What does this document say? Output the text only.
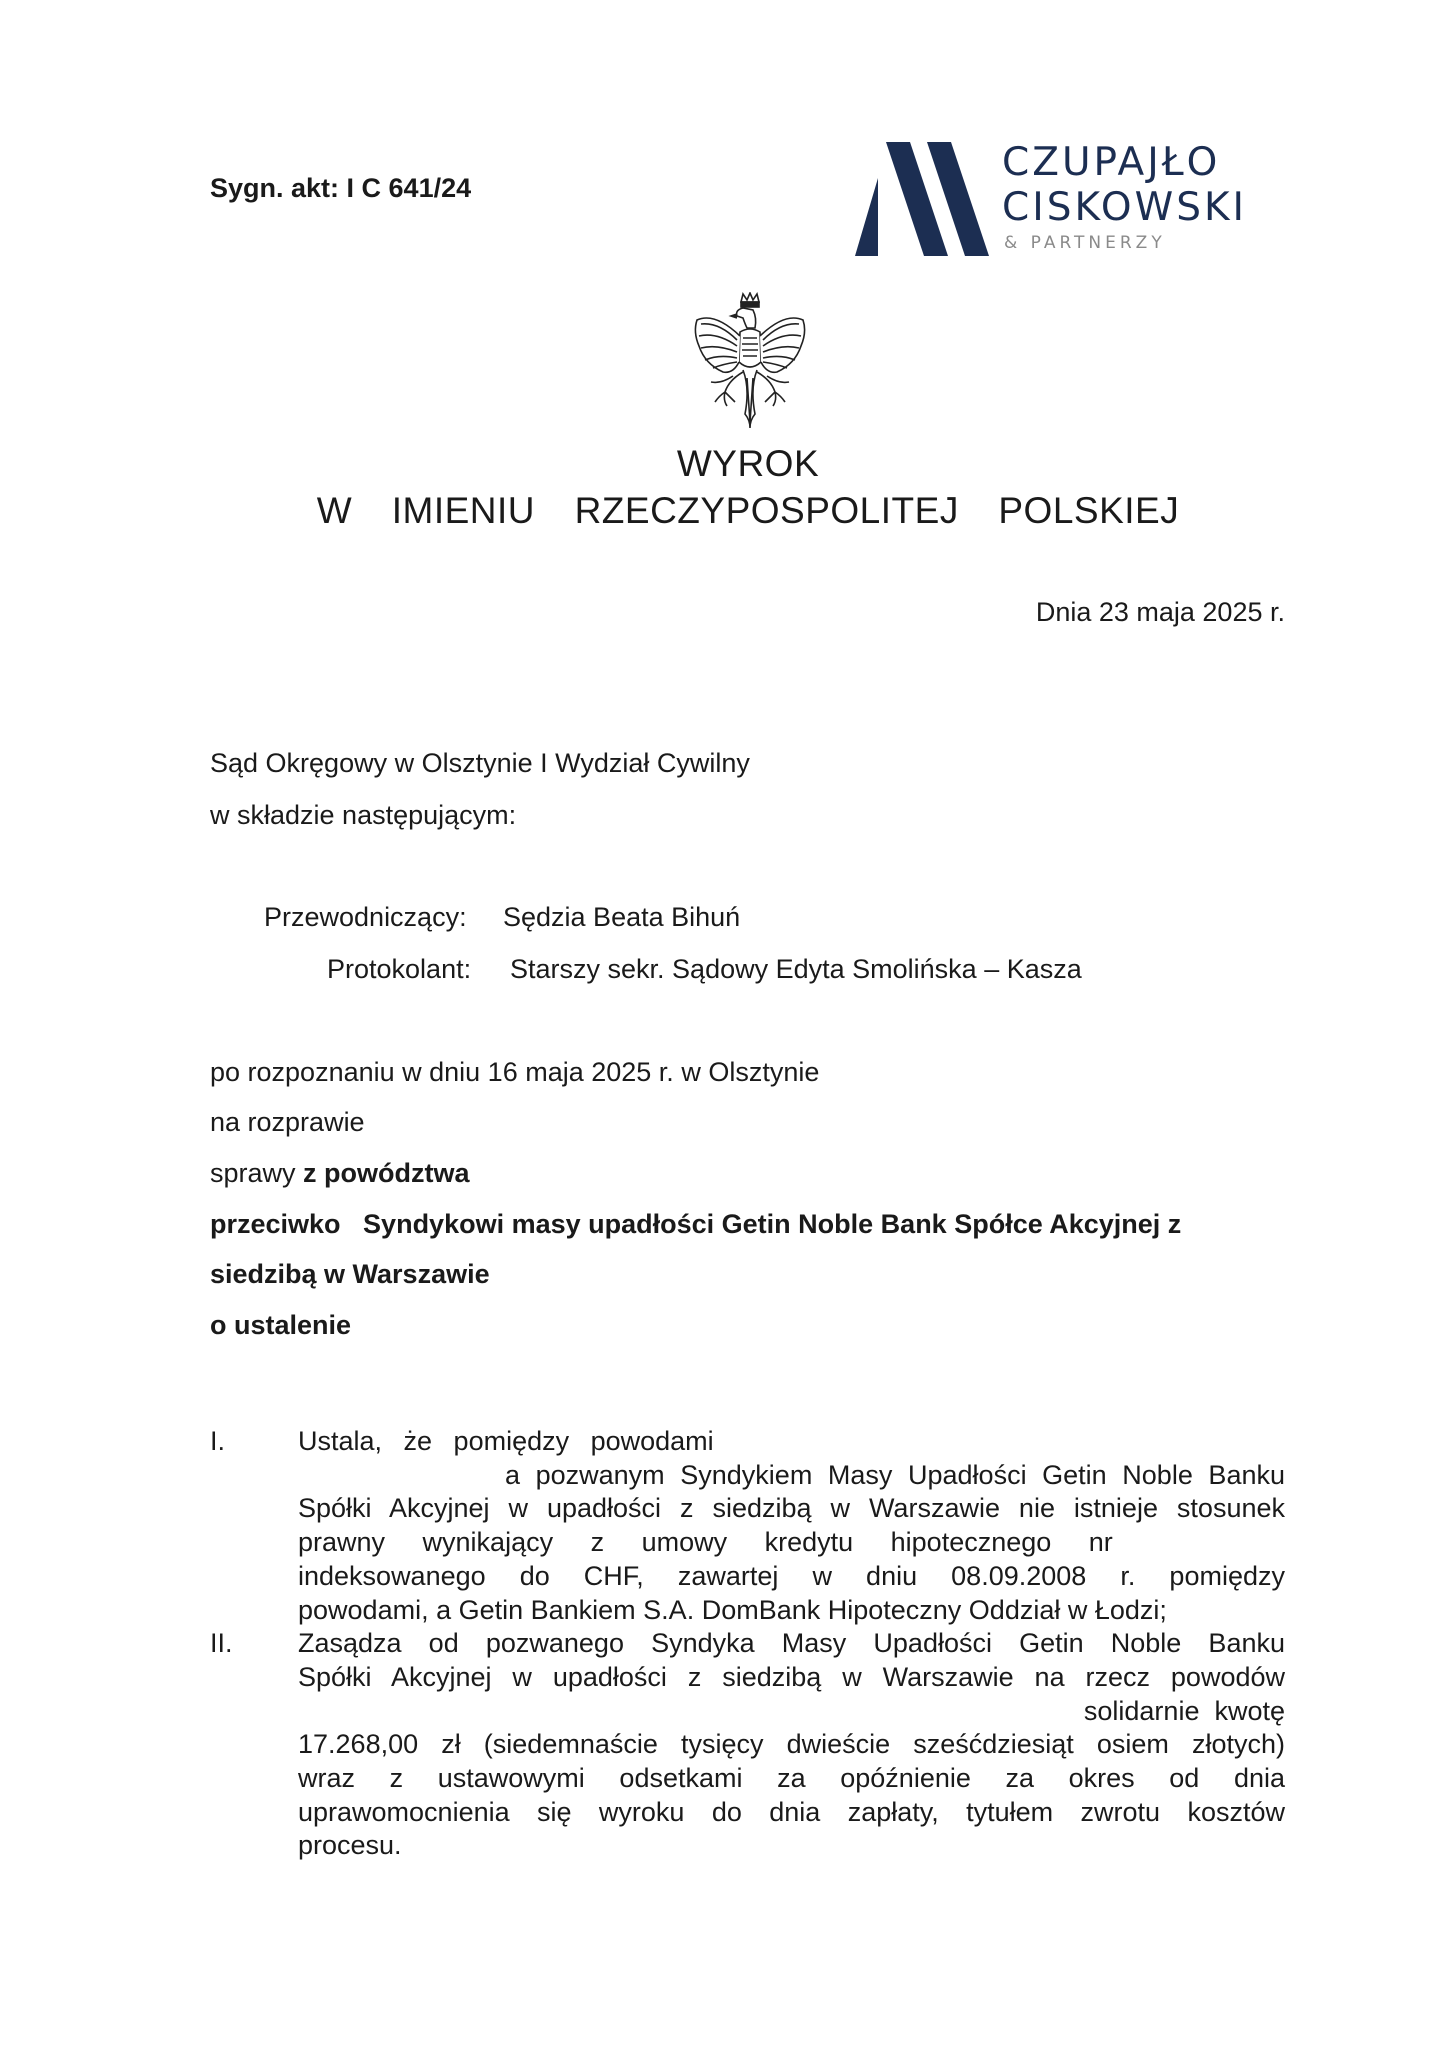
Sygn. akt: I C 641/24
CZUPAJŁO
CISKOWSKI
& PARTNERZY
WYROK
W  IMIENIU  RZECZYPOSPOLITEJ  POLSKIEJ
Dnia 23 maja 2025 r.
Sąd Okręgowy w Olsztynie I Wydział Cywilny
w składzie następującym:
Przewodniczący: Sędzia Beata Bihuń
Protokolant: Starszy sekr. Sądowy Edyta Smolińska – Kasza
po rozpoznaniu w dniu 16 maja 2025 r. w Olsztynie
na rozprawie
sprawy z powództwa
przeciwko   Syndykowi masy upadłości Getin Noble Bank Spółce Akcyjnej z
siedzibą w Warszawie
o ustalenie
I.	Ustala, że pomiędzy powodami
a pozwanym Syndykiem Masy Upadłości Getin Noble Banku
Spółki Akcyjnej w upadłości z siedzibą w Warszawie nie istnieje stosunek
prawny wynikający z umowy kredytu hipotecznego nr
indeksowanego do CHF, zawartej w dniu 08.09.2008 r. pomiędzy
powodami, a Getin Bankiem S.A. DomBank Hipoteczny Oddział w Łodzi;
II. Zasądza od pozwanego Syndyka Masy Upadłości Getin Noble Banku
Spółki Akcyjnej w upadłości z siedzibą w Warszawie na rzecz powodów
solidarnie  kwotę
17.268,00 zł (siedemnaście tysięcy dwieście sześćdziesiąt osiem złotych)
wraz z ustawowymi odsetkami za opóźnienie za okres od dnia
uprawomocnienia się wyroku do dnia zapłaty, tytułem zwrotu kosztów
procesu.
